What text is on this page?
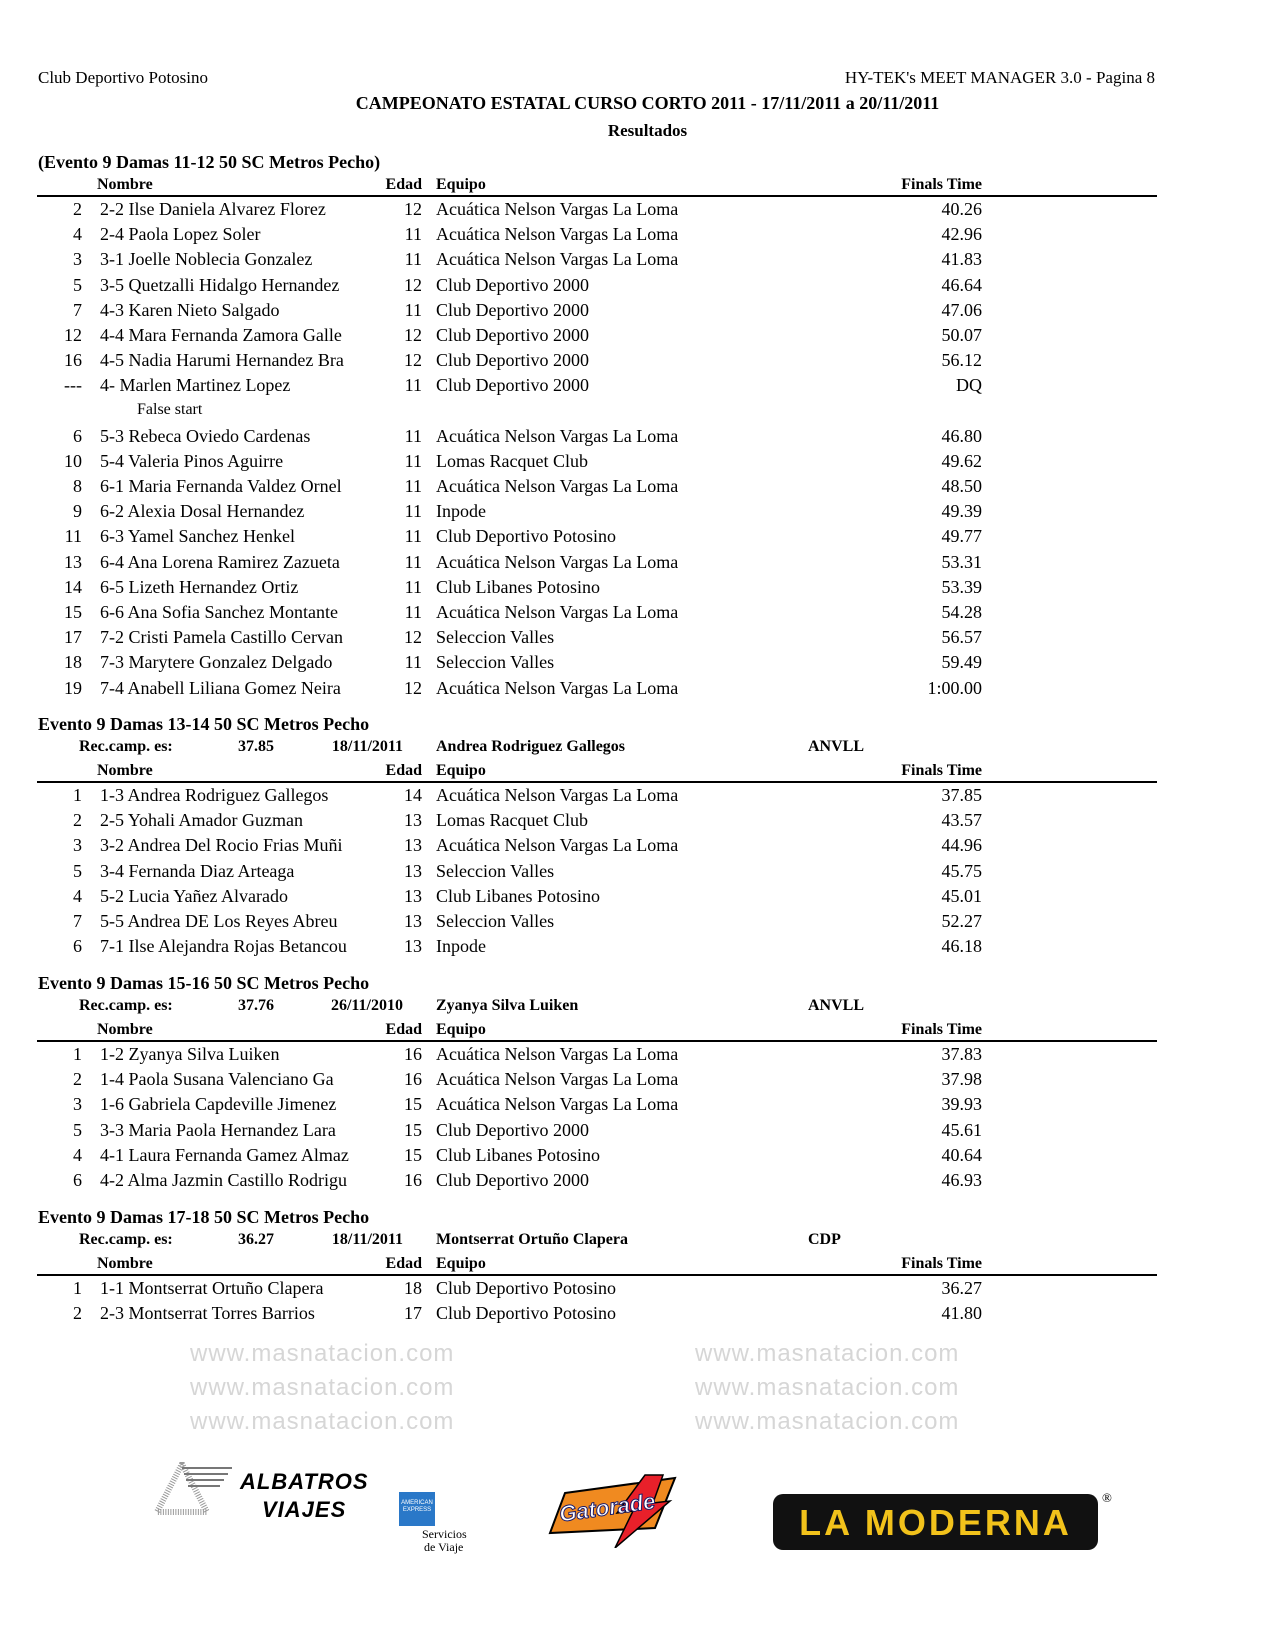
Club Deportivo Potosino	HY-TEK's MEET MANAGER 3.0 - Pagina 8
CAMPEONATO ESTATAL CURSO CORTO 2011 - 17/11/2011 a 20/11/2011
Resultados
www.masnatacion.com	www.masnatacion.com
www.masnatacion.com	www.masnatacion.com
www.masnatacion.com	www.masnatacion.com
(Evento 9 Damas 11-12 50 SC Metros Pecho)
Nombre	Edad Equipo	Finals Time
2 2-2 Ilse Daniela Alvarez Florez	12 Acuática Nelson Vargas La Loma	40.26
4 2-4 Paola Lopez Soler	11 Acuática Nelson Vargas La Loma	42.96
3 3-1 Joelle Noblecia Gonzalez	11 Acuática Nelson Vargas La Loma	41.83
5 3-5 Quetzalli Hidalgo Hernandez	12 Club Deportivo 2000	46.64
7 4-3 Karen Nieto Salgado	11 Club Deportivo 2000	47.06
12 4-4 Mara Fernanda Zamora Galle	12 Club Deportivo 2000	50.07
16 4-5 Nadia Harumi Hernandez Bra	12 Club Deportivo 2000	56.12
--- 4- Marlen Martinez Lopez	11 Club Deportivo 2000	DQ
False start
6 5-3 Rebeca Oviedo Cardenas	11 Acuática Nelson Vargas La Loma	46.80
10 5-4 Valeria Pinos Aguirre	11 Lomas Racquet Club	49.62
8 6-1 Maria Fernanda Valdez Ornel	11 Acuática Nelson Vargas La Loma	48.50
9 6-2 Alexia Dosal Hernandez	11 Inpode	49.39
11 6-3 Yamel Sanchez Henkel	11 Club Deportivo Potosino	49.77
13 6-4 Ana Lorena Ramirez Zazueta	11 Acuática Nelson Vargas La Loma	53.31
14 6-5 Lizeth Hernandez Ortiz	11 Club Libanes Potosino	53.39
15 6-6 Ana Sofia Sanchez Montante	11 Acuática Nelson Vargas La Loma	54.28
17 7-2 Cristi Pamela Castillo Cervan	12 Seleccion Valles	56.57
18 7-3 Marytere Gonzalez Delgado	11 Seleccion Valles	59.49
19 7-4 Anabell Liliana Gomez Neira	12 Acuática Nelson Vargas La Loma	1:00.00
Evento 9 Damas 13-14 50 SC Metros Pecho
Rec.camp. es:	37.85	18/11/2011 Andrea Rodriguez Gallegos	ANVLL
Nombre	Edad Equipo	Finals Time
1 1-3 Andrea Rodriguez Gallegos	14 Acuática Nelson Vargas La Loma	37.85
2 2-5 Yohali Amador Guzman	13 Lomas Racquet Club	43.57
3 3-2 Andrea Del Rocio Frias Muñi	13 Acuática Nelson Vargas La Loma	44.96
5 3-4 Fernanda Diaz Arteaga	13 Seleccion Valles	45.75
4 5-2 Lucia Yañez Alvarado	13 Club Libanes Potosino	45.01
7 5-5 Andrea DE Los Reyes Abreu	13 Seleccion Valles	52.27
6 7-1 Ilse Alejandra Rojas Betancou	13 Inpode	46.18
Evento 9 Damas 15-16 50 SC Metros Pecho
Rec.camp. es:	37.76	26/11/2010 Zyanya Silva Luiken	ANVLL
Nombre	Edad Equipo	Finals Time
1 1-2 Zyanya Silva Luiken	16 Acuática Nelson Vargas La Loma	37.83
2 1-4 Paola Susana Valenciano Ga	16 Acuática Nelson Vargas La Loma	37.98
3 1-6 Gabriela Capdeville Jimenez	15 Acuática Nelson Vargas La Loma	39.93
5 3-3 Maria Paola Hernandez Lara	15 Club Deportivo 2000	45.61
4 4-1 Laura Fernanda Gamez Almaz	15 Club Libanes Potosino	40.64
6 4-2 Alma Jazmin Castillo Rodrigu	16 Club Deportivo 2000	46.93
Evento 9 Damas 17-18 50 SC Metros Pecho
Rec.camp. es:	36.27	18/11/2011 Montserrat Ortuño Clapera	CDP
Nombre	Edad Equipo	Finals Time
1 1-1 Montserrat Ortuño Clapera	18 Club Deportivo Potosino	36.27
2 2-3 Montserrat Torres Barrios	17 Club Deportivo Potosino	41.80
ALBATROS
VIAJES	AMERICAN EXPRESS
Servicios
de Viaje
Gatorade	LA MODERNA
®
